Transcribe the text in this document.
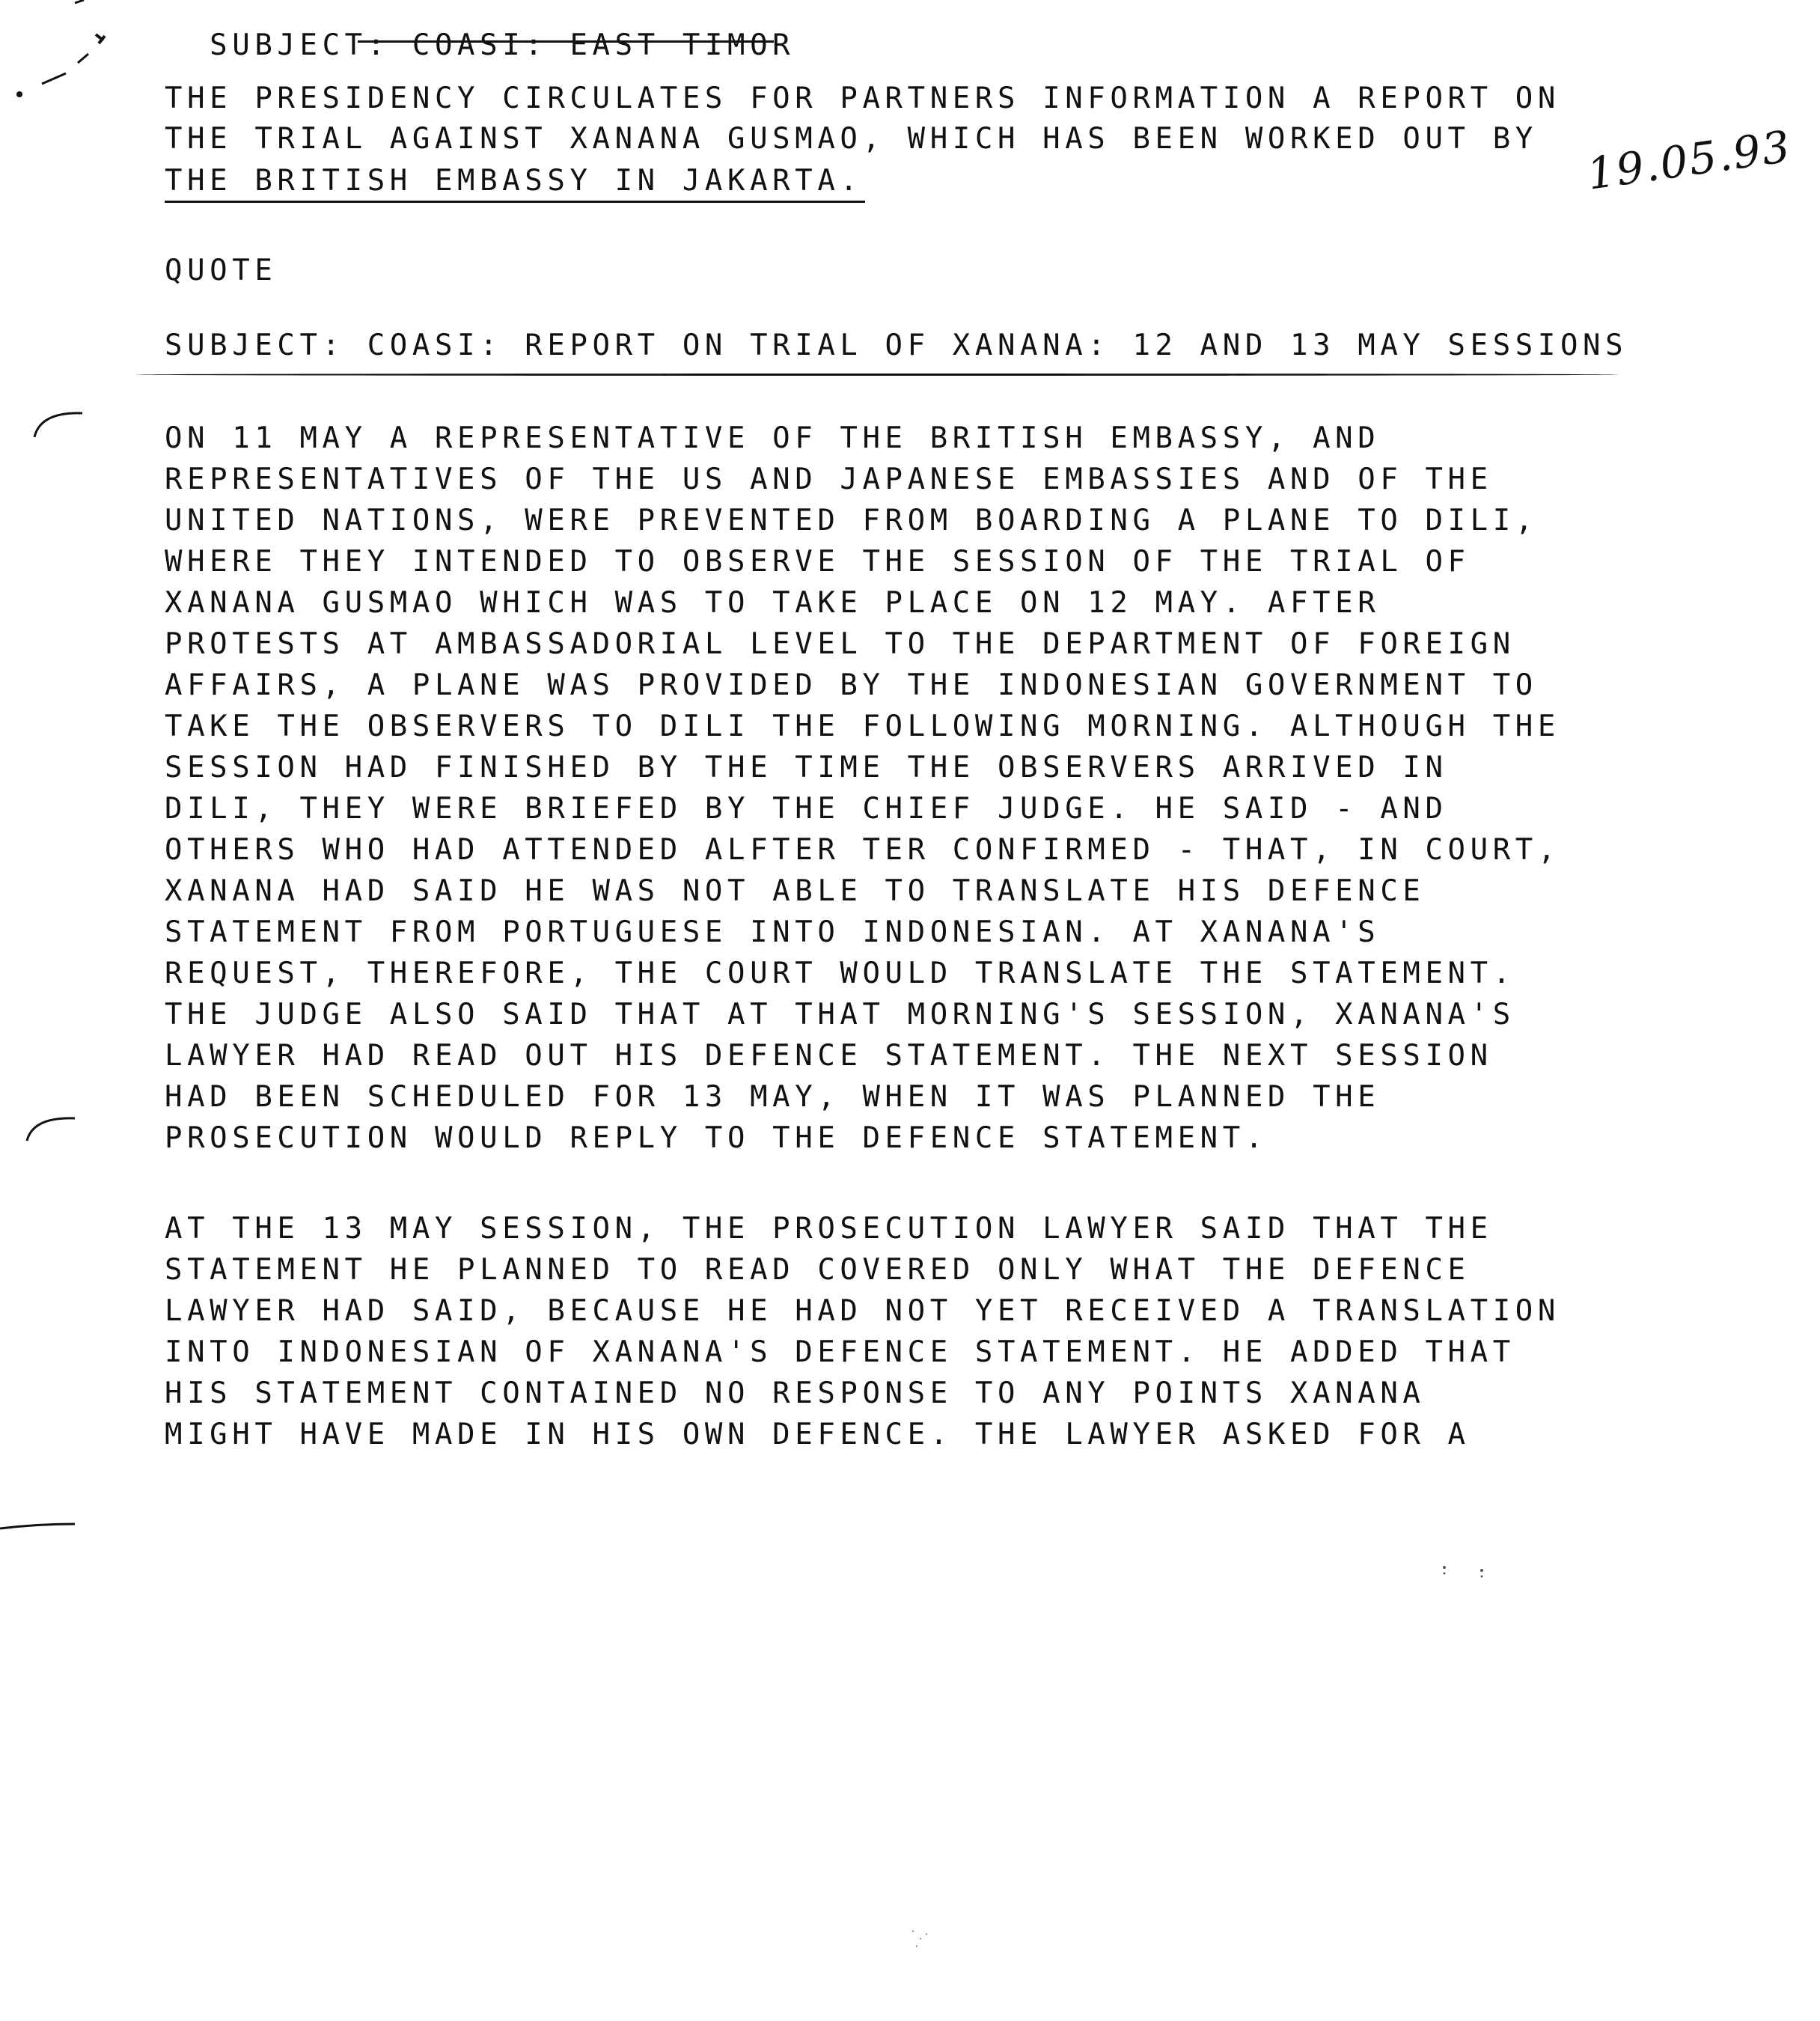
SUBJECT: COASI: EAST TIMOR

THE PRESIDENCY CIRCULATES FOR PARTNERS INFORMATION A REPORT ON
THE TRIAL AGAINST XANANA GUSMAO, WHICH HAS BEEN WORKED OUT BY
THE BRITISH EMBASSY IN JAKARTA.	19.05.93
QUOTE
SUBJECT: COASI: REPORT ON TRIAL OF XANANA: 12 AND 13 MAY SESSIONS
ON 11 MAY A REPRESENTATIVE OF THE BRITISH EMBASSY, AND
REPRESENTATIVES OF THE US AND JAPANESE EMBASSIES AND OF THE
UNITED NATIONS, WERE PREVENTED FROM BOARDING A PLANE TO DILI,
WHERE THEY INTENDED TO OBSERVE THE SESSION OF THE TRIAL OF
XANANA GUSMAO WHICH WAS TO TAKE PLACE ON 12 MAY. AFTER
PROTESTS AT AMBASSADORIAL LEVEL TO THE DEPARTMENT OF FOREIGN
AFFAIRS, A PLANE WAS PROVIDED BY THE INDONESIAN GOVERNMENT TO
TAKE THE OBSERVERS TO DILI THE FOLLOWING MORNING. ALTHOUGH THE
SESSION HAD FINISHED BY THE TIME THE OBSERVERS ARRIVED IN
DILI, THEY WERE BRIEFED BY THE CHIEF JUDGE. HE SAID - AND
OTHERS WHO HAD ATTENDED ALFTER TER CONFIRMED - THAT, IN COURT,
XANANA HAD SAID HE WAS NOT ABLE TO TRANSLATE HIS DEFENCE
STATEMENT FROM PORTUGUESE INTO INDONESIAN. AT XANANA'S
REQUEST, THEREFORE, THE COURT WOULD TRANSLATE THE STATEMENT.
THE JUDGE ALSO SAID THAT AT THAT MORNING'S SESSION, XANANA'S
LAWYER HAD READ OUT HIS DEFENCE STATEMENT. THE NEXT SESSION
HAD BEEN SCHEDULED FOR 13 MAY, WHEN IT WAS PLANNED THE
PROSECUTION WOULD REPLY TO THE DEFENCE STATEMENT.
AT THE 13 MAY SESSION, THE PROSECUTION LAWYER SAID THAT THE
STATEMENT HE PLANNED TO READ COVERED ONLY WHAT THE DEFENCE
LAWYER HAD SAID, BECAUSE HE HAD NOT YET RECEIVED A TRANSLATION
INTO INDONESIAN OF XANANA'S DEFENCE STATEMENT. HE ADDED THAT
HIS STATEMENT CONTAINED NO RESPONSE TO ANY POINTS XANANA
MIGHT HAVE MADE IN HIS OWN DEFENCE. THE LAWYER ASKED FOR A
